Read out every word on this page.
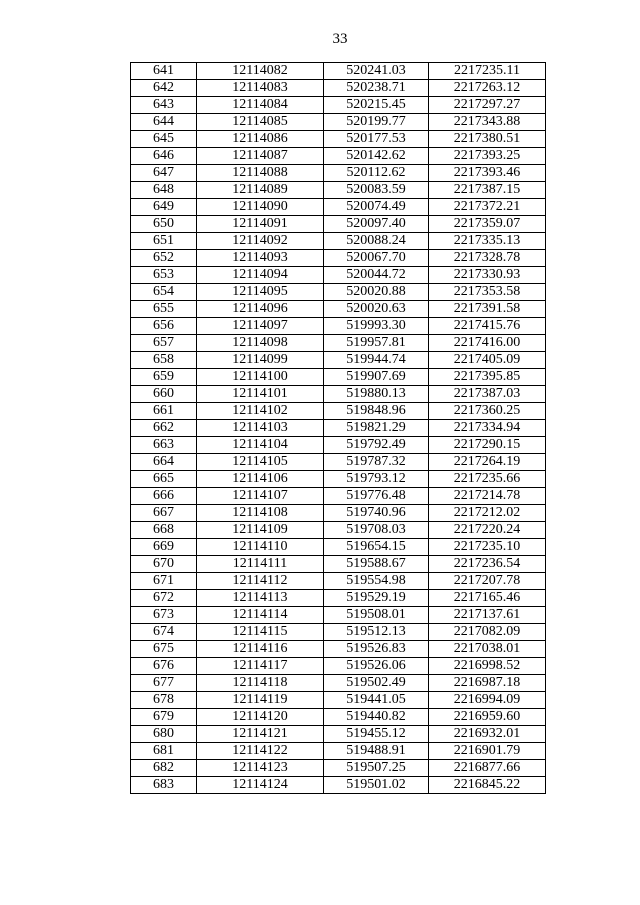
33
641	12114082	520241.03	2217235.11
642	12114083	520238.71	2217263.12
643	12114084	520215.45	2217297.27
644	12114085	520199.77	2217343.88
645	12114086	520177.53	2217380.51
646	12114087	520142.62	2217393.25
647	12114088	520112.62	2217393.46
648	12114089	520083.59	2217387.15
649	12114090	520074.49	2217372.21
650	12114091	520097.40	2217359.07
651	12114092	520088.24	2217335.13
652	12114093	520067.70	2217328.78
653	12114094	520044.72	2217330.93
654	12114095	520020.88	2217353.58
655	12114096	520020.63	2217391.58
656	12114097	519993.30	2217415.76
657	12114098	519957.81	2217416.00
658	12114099	519944.74	2217405.09
659	12114100	519907.69	2217395.85
660	12114101	519880.13	2217387.03
661	12114102	519848.96	2217360.25
662	12114103	519821.29	2217334.94
663	12114104	519792.49	2217290.15
664	12114105	519787.32	2217264.19
665	12114106	519793.12	2217235.66
666	12114107	519776.48	2217214.78
667	12114108	519740.96	2217212.02
668	12114109	519708.03	2217220.24
669	12114110	519654.15	2217235.10
670	12114111	519588.67	2217236.54
671	12114112	519554.98	2217207.78
672	12114113	519529.19	2217165.46
673	12114114	519508.01	2217137.61
674	12114115	519512.13	2217082.09
675	12114116	519526.83	2217038.01
676	12114117	519526.06	2216998.52
677	12114118	519502.49	2216987.18
678	12114119	519441.05	2216994.09
679	12114120	519440.82	2216959.60
680	12114121	519455.12	2216932.01
681	12114122	519488.91	2216901.79
682	12114123	519507.25	2216877.66
683	12114124	519501.02	2216845.22
